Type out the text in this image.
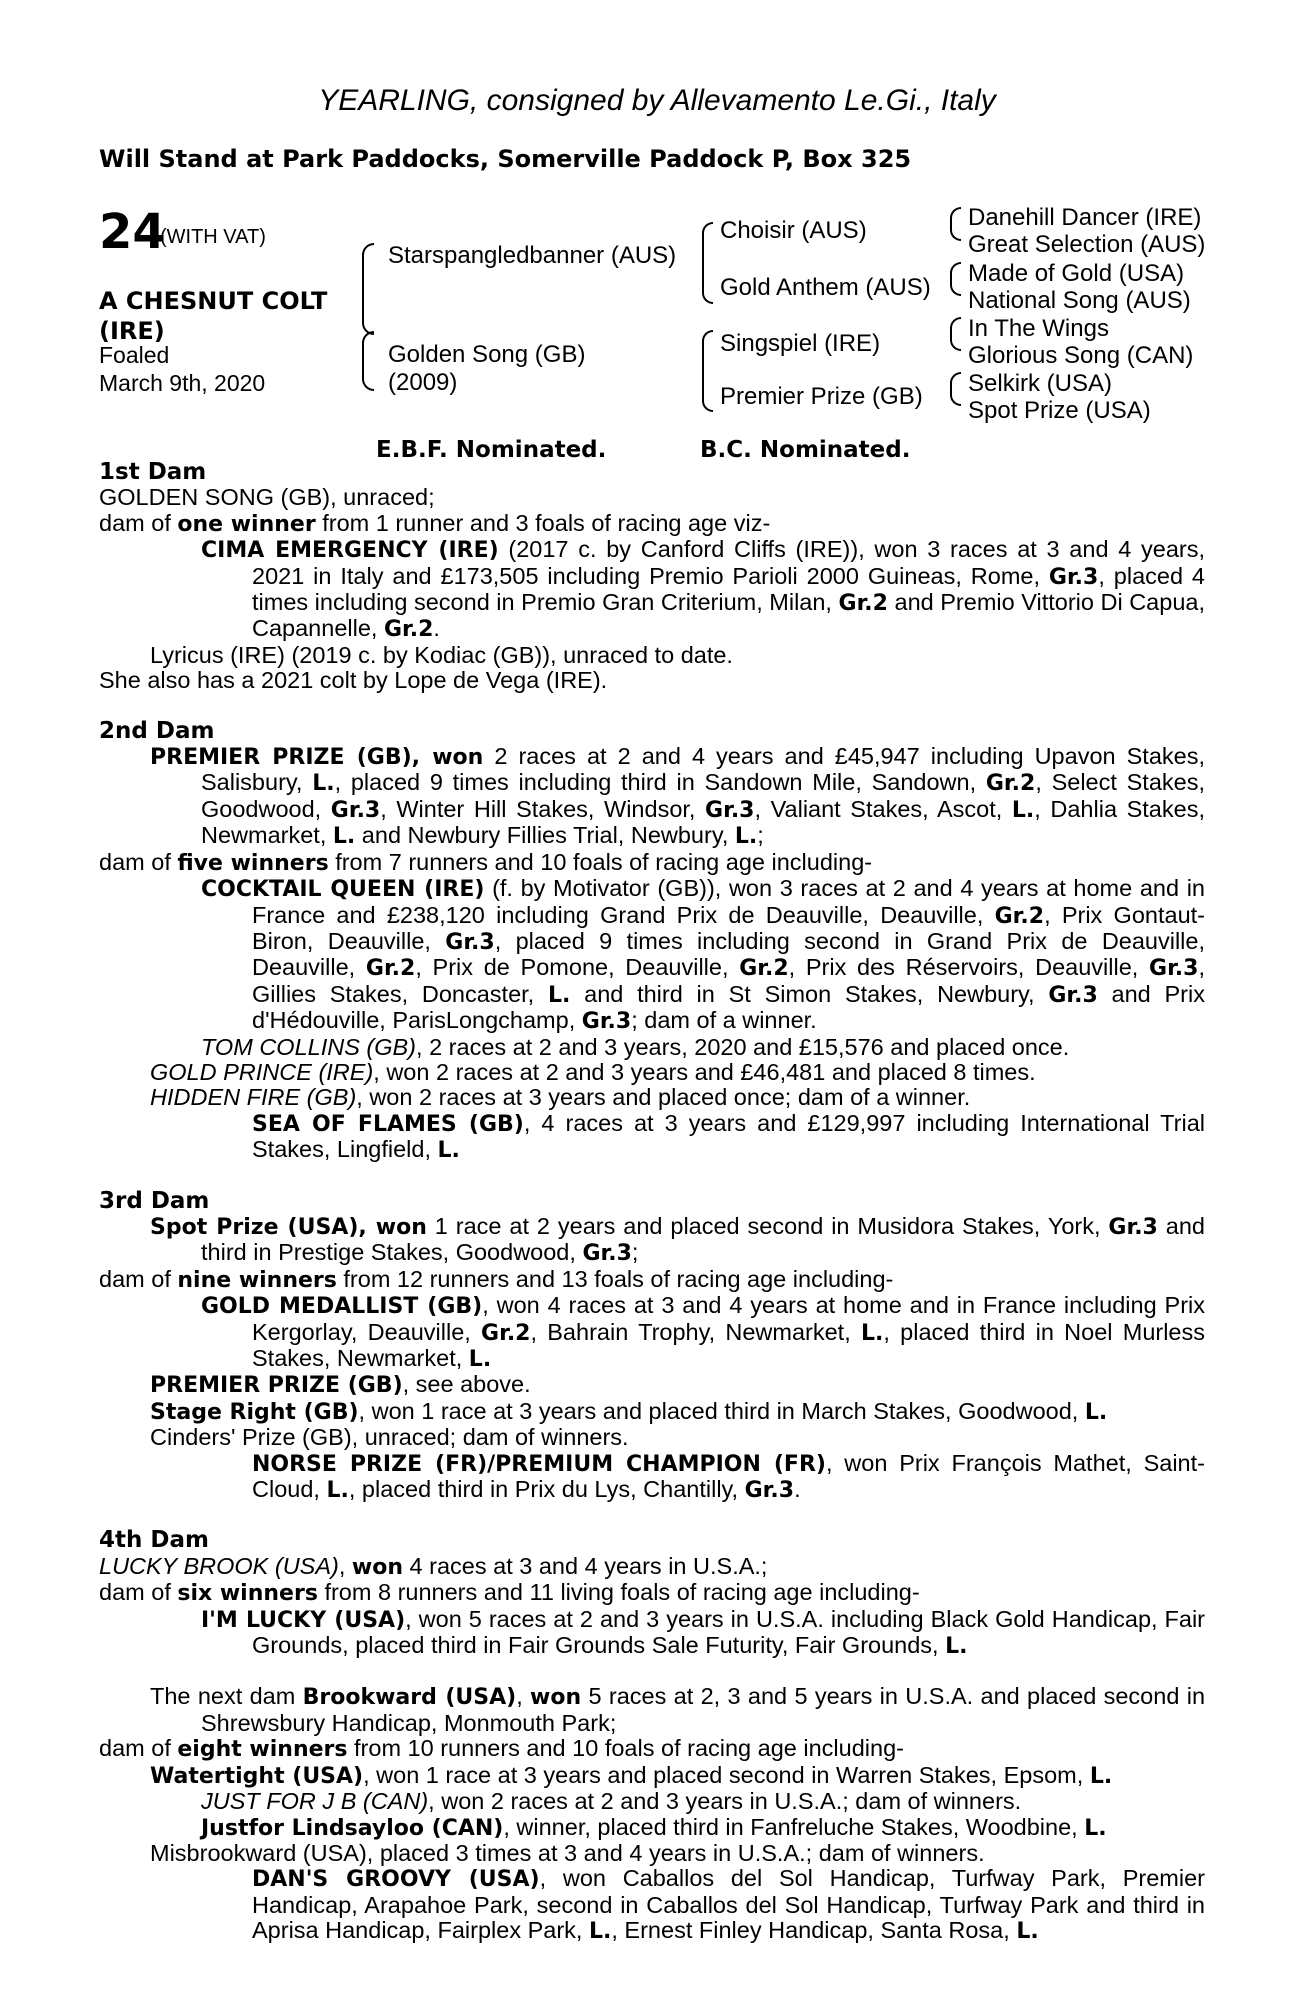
YEARLING, consigned by Allevamento Le.Gi., Italy
Will Stand at Park Paddocks, Somerville Paddock P, Box 325
24
(WITH VAT)
A CHESNUT COLT
(IRE)
Foaled
March 9th, 2020
Starspangledbanner (AUS)
Golden Song (GB)
(2009)
Choisir (AUS)
Gold Anthem (AUS)
Singspiel (IRE)
Premier Prize (GB)
Danehill Dancer (IRE)
Great Selection (AUS)
Made of Gold (USA)
National Song (AUS)
In The Wings
Glorious Song (CAN)
Selkirk (USA)
Spot Prize (USA)
E.B.F. Nominated.	B.C. Nominated.

1st Dam

GOLDEN SONG (GB), unraced;

dam of one winner from 1 runner and 3 foals of racing age viz-

CIMA EMERGENCY (IRE) (2017 c. by Canford Cliffs (IRE)), won 3 races at 3 and 4 years, 2021 in Italy and £173,505 including Premio Parioli 2000 Guineas, Rome, Gr.3, placed 4 times including second in Premio Gran Criterium, Milan, Gr.2 and Premio Vittorio Di Capua, Capannelle, Gr.2.

Lyricus (IRE) (2019 c. by Kodiac (GB)), unraced to date.

She also has a 2021 colt by Lope de Vega (IRE).

2nd Dam

PREMIER PRIZE (GB), won 2 races at 2 and 4 years and £45,947 including Upavon Stakes, Salisbury, L., placed 9 times including third in Sandown Mile, Sandown, Gr.2, Select Stakes, Goodwood, Gr.3, Winter Hill Stakes, Windsor, Gr.3, Valiant Stakes, Ascot, L., Dahlia Stakes, Newmarket, L. and Newbury Fillies Trial, Newbury, L.;

dam of five winners from 7 runners and 10 foals of racing age including-

COCKTAIL QUEEN (IRE) (f. by Motivator (GB)), won 3 races at 2 and 4 years at home and in France and £238,120 including Grand Prix de Deauville, Deauville, Gr.2, Prix Gontaut-Biron, Deauville, Gr.3, placed 9 times including second in Grand Prix de Deauville, Deauville, Gr.2, Prix de Pomone, Deauville, Gr.2, Prix des Réservoirs, Deauville, Gr.3, Gillies Stakes, Doncaster, L. and third in St Simon Stakes, Newbury, Gr.3 and Prix d'Hédouville, ParisLongchamp, Gr.3; dam of a winner.

TOM COLLINS (GB), 2 races at 2 and 3 years, 2020 and £15,576 and placed once.

GOLD PRINCE (IRE), won 2 races at 2 and 3 years and £46,481 and placed 8 times.

HIDDEN FIRE (GB), won 2 races at 3 years and placed once; dam of a winner.

SEA OF FLAMES (GB), 4 races at 3 years and £129,997 including International Trial Stakes, Lingfield, L.

3rd Dam

Spot Prize (USA), won 1 race at 2 years and placed second in Musidora Stakes, York, Gr.3 and third in Prestige Stakes, Goodwood, Gr.3;

dam of nine winners from 12 runners and 13 foals of racing age including-

GOLD MEDALLIST (GB), won 4 races at 3 and 4 years at home and in France including Prix Kergorlay, Deauville, Gr.2, Bahrain Trophy, Newmarket, L., placed third in Noel Murless Stakes, Newmarket, L.

PREMIER PRIZE (GB), see above.

Stage Right (GB), won 1 race at 3 years and placed third in March Stakes, Goodwood, L.

Cinders' Prize (GB), unraced; dam of winners.

NORSE PRIZE (FR)/PREMIUM CHAMPION (FR), won Prix François Mathet, Saint-Cloud, L., placed third in Prix du Lys, Chantilly, Gr.3.

4th Dam

LUCKY BROOK (USA), won 4 races at 3 and 4 years in U.S.A.;

dam of six winners from 8 runners and 11 living foals of racing age including-

I'M LUCKY (USA), won 5 races at 2 and 3 years in U.S.A. including Black Gold Handicap, Fair Grounds, placed third in Fair Grounds Sale Futurity, Fair Grounds, L.

The next dam Brookward (USA), won 5 races at 2, 3 and 5 years in U.S.A. and placed second in Shrewsbury Handicap, Monmouth Park;

dam of eight winners from 10 runners and 10 foals of racing age including-

Watertight (USA), won 1 race at 3 years and placed second in Warren Stakes, Epsom, L.

JUST FOR J B (CAN), won 2 races at 2 and 3 years in U.S.A.; dam of winners.

Justfor Lindsayloo (CAN), winner, placed third in Fanfreluche Stakes, Woodbine, L.

Misbrookward (USA), placed 3 times at 3 and 4 years in U.S.A.; dam of winners.

DAN'S GROOVY (USA), won Caballos del Sol Handicap, Turfway Park, Premier Handicap, Arapahoe Park, second in Caballos del Sol Handicap, Turfway Park and third in Aprisa Handicap, Fairplex Park, L., Ernest Finley Handicap, Santa Rosa, L.
